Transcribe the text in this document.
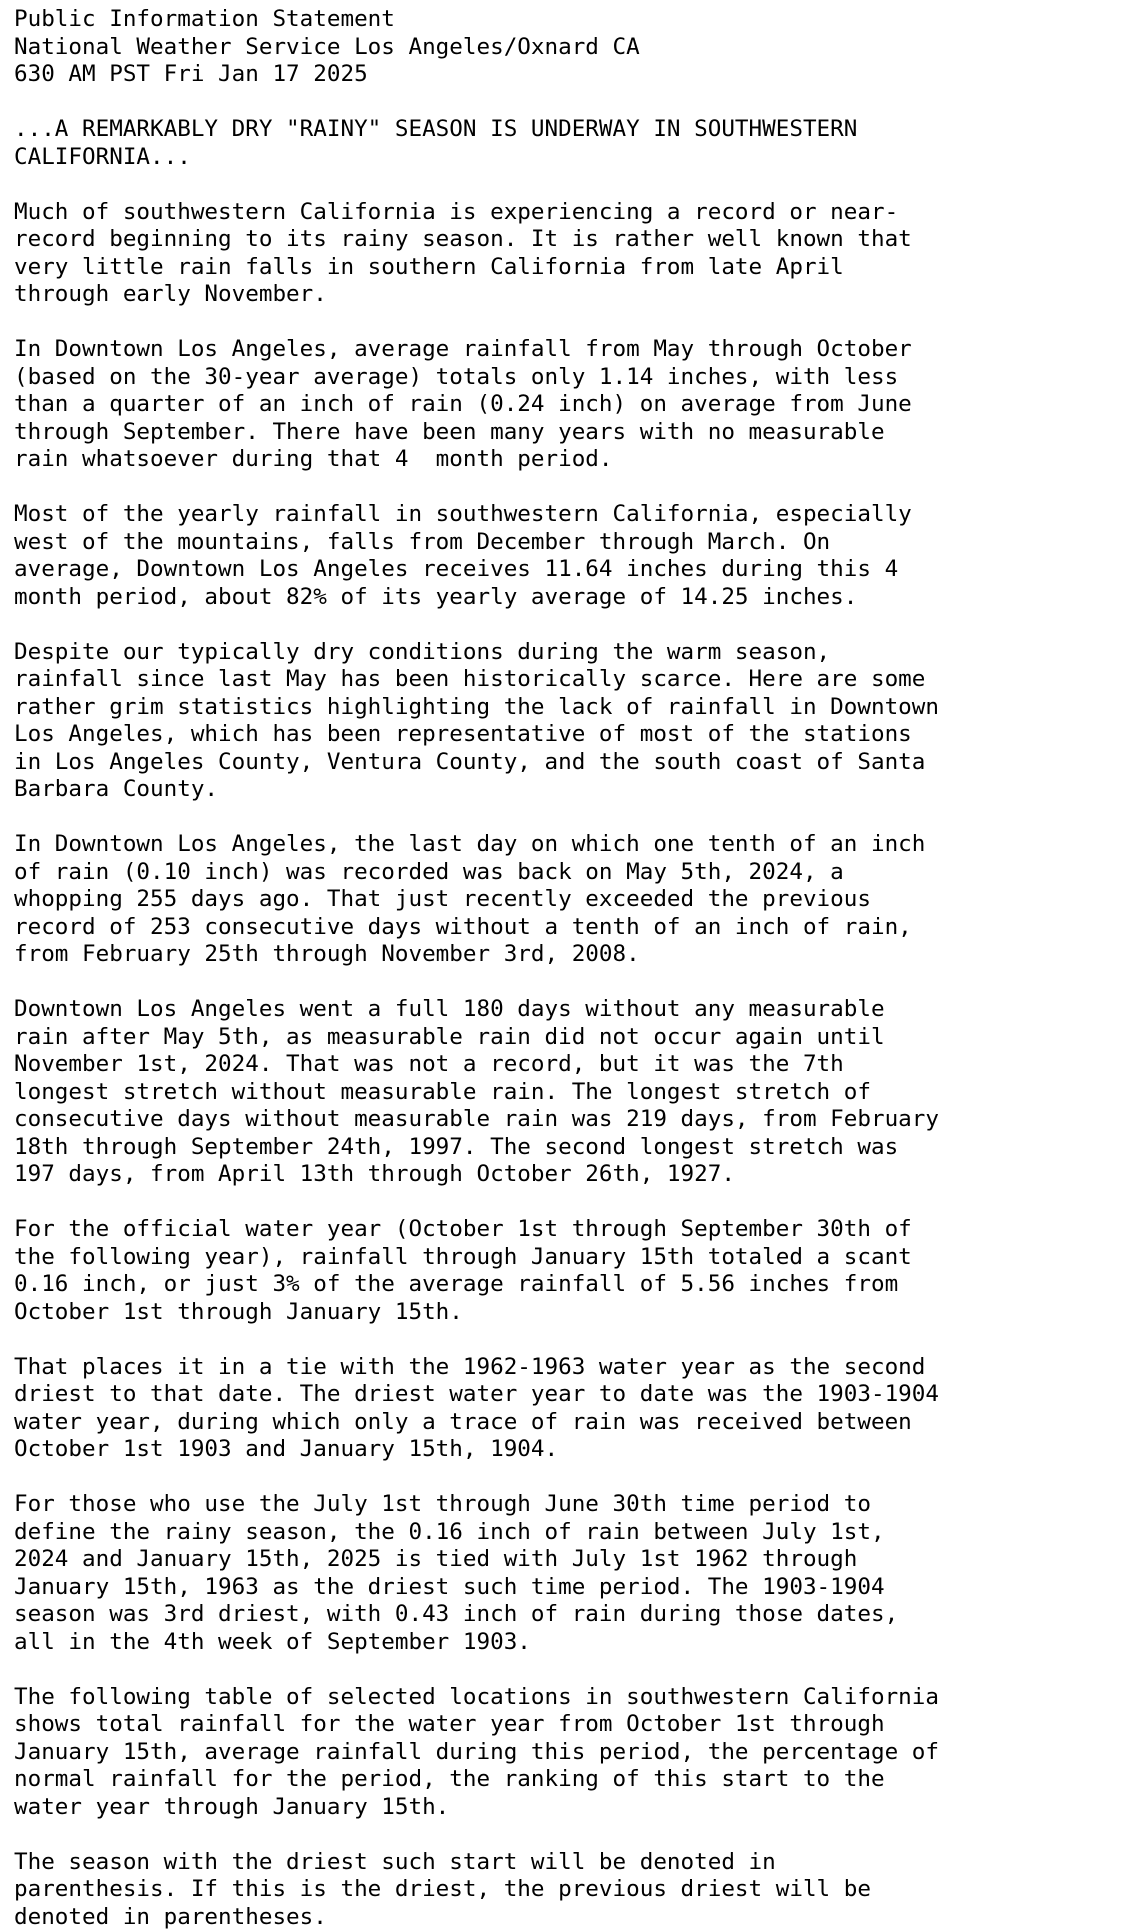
Public Information Statement
National Weather Service Los Angeles/Oxnard CA
630 AM PST Fri Jan 17 2025
...A REMARKABLY DRY "RAINY" SEASON IS UNDERWAY IN SOUTHWESTERN
CALIFORNIA...
Much of southwestern California is experiencing a record or near-
record beginning to its rainy season. It is rather well known that
very little rain falls in southern California from late April
through early November.
In Downtown Los Angeles, average rainfall from May through October
(based on the 30-year average) totals only 1.14 inches, with less
than a quarter of an inch of rain (0.24 inch) on average from June
through September. There have been many years with no measurable
rain whatsoever during that 4  month period.
Most of the yearly rainfall in southwestern California, especially
west of the mountains, falls from December through March. On
average, Downtown Los Angeles receives 11.64 inches during this 4
month period, about 82% of its yearly average of 14.25 inches.
Despite our typically dry conditions during the warm season,
rainfall since last May has been historically scarce. Here are some
rather grim statistics highlighting the lack of rainfall in Downtown
Los Angeles, which has been representative of most of the stations
in Los Angeles County, Ventura County, and the south coast of Santa
Barbara County.
In Downtown Los Angeles, the last day on which one tenth of an inch
of rain (0.10 inch) was recorded was back on May 5th, 2024, a
whopping 255 days ago. That just recently exceeded the previous
record of 253 consecutive days without a tenth of an inch of rain,
from February 25th through November 3rd, 2008.
Downtown Los Angeles went a full 180 days without any measurable
rain after May 5th, as measurable rain did not occur again until
November 1st, 2024. That was not a record, but it was the 7th
longest stretch without measurable rain. The longest stretch of
consecutive days without measurable rain was 219 days, from February
18th through September 24th, 1997. The second longest stretch was
197 days, from April 13th through October 26th, 1927.
For the official water year (October 1st through September 30th of
the following year), rainfall through January 15th totaled a scant
0.16 inch, or just 3% of the average rainfall of 5.56 inches from
October 1st through January 15th.
That places it in a tie with the 1962-1963 water year as the second
driest to that date. The driest water year to date was the 1903-1904
water year, during which only a trace of rain was received between
October 1st 1903 and January 15th, 1904.
For those who use the July 1st through June 30th time period to
define the rainy season, the 0.16 inch of rain between July 1st,
2024 and January 15th, 2025 is tied with July 1st 1962 through
January 15th, 1963 as the driest such time period. The 1903-1904
season was 3rd driest, with 0.43 inch of rain during those dates,
all in the 4th week of September 1903.
The following table of selected locations in southwestern California
shows total rainfall for the water year from October 1st through
January 15th, average rainfall during this period, the percentage of
normal rainfall for the period, the ranking of this start to the
water year through January 15th.
The season with the driest such start will be denoted in
parenthesis. If this is the driest, the previous driest will be
denoted in parentheses.
